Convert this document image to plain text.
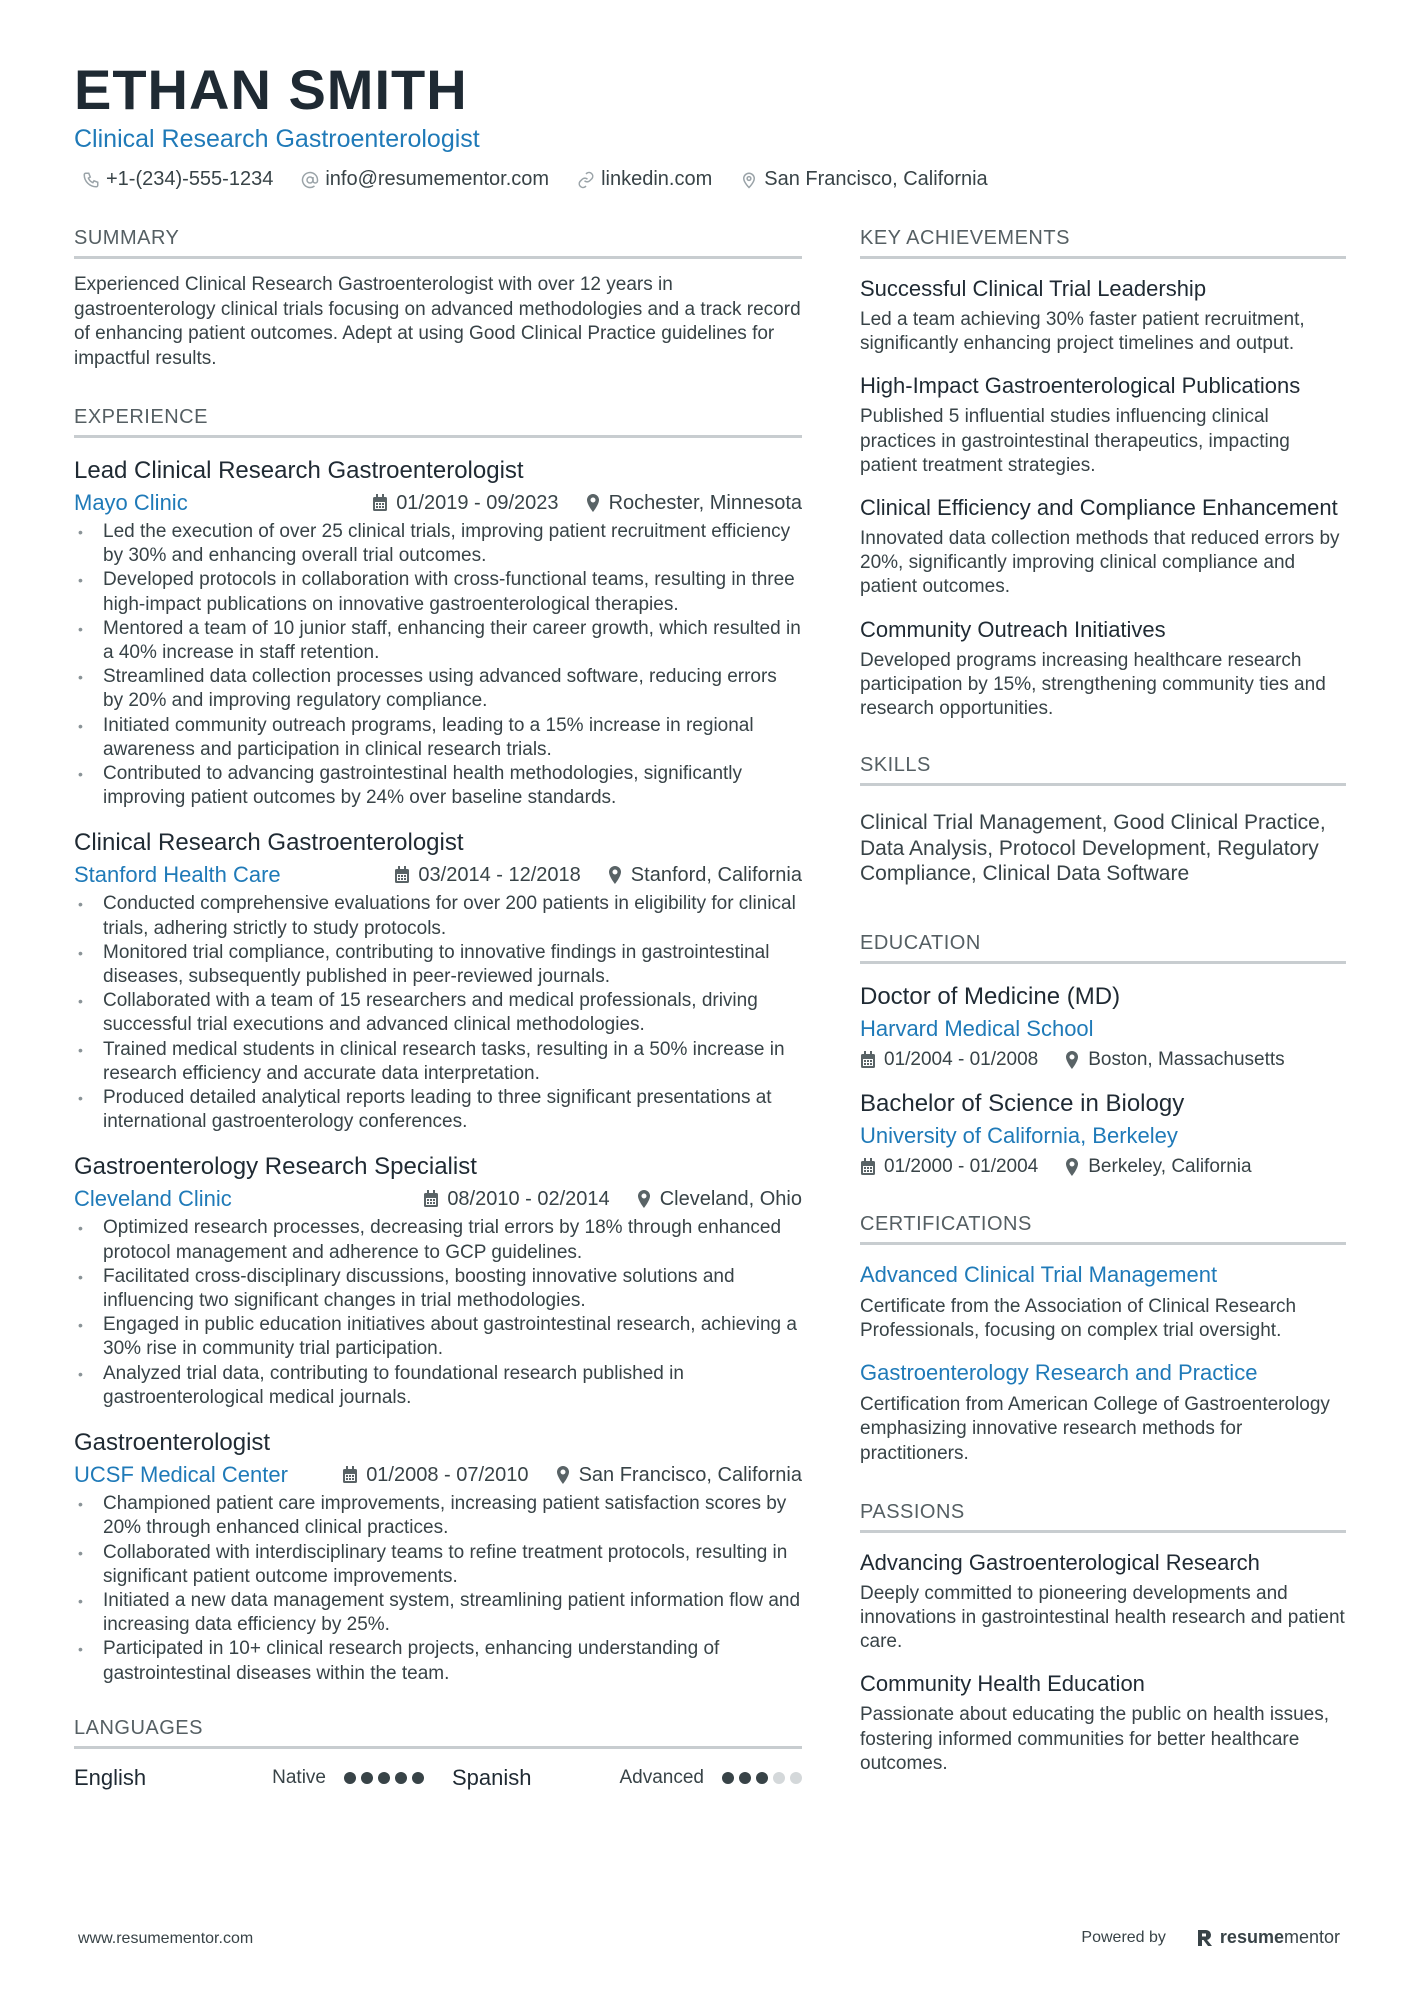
ETHAN SMITH
Clinical Research Gastroenterologist
+1-(234)-555-1234	info@resumementor.com	linkedin.com	San Francisco, California
SUMMARY
Experienced Clinical Research Gastroenterologist with over 12 years in gastroenterology clinical trials focusing on advanced methodologies and a track record of enhancing patient outcomes. Adept at using Good Clinical Practice guidelines for impactful results.
EXPERIENCE
Lead Clinical Research Gastroenterologist
Mayo Clinic	01/2019 - 09/2023	Rochester, Minnesota
• Led the execution of over 25 clinical trials, improving patient recruitment efficiency by 30% and enhancing overall trial outcomes.
• Developed protocols in collaboration with cross-functional teams, resulting in three high-impact publications on innovative gastroenterological therapies.
• Mentored a team of 10 junior staff, enhancing their career growth, which resulted in a 40% increase in staff retention.
• Streamlined data collection processes using advanced software, reducing errors by 20% and improving regulatory compliance.
• Initiated community outreach programs, leading to a 15% increase in regional awareness and participation in clinical research trials.
• Contributed to advancing gastrointestinal health methodologies, significantly improving patient outcomes by 24% over baseline standards.
Clinical Research Gastroenterologist
Stanford Health Care	03/2014 - 12/2018	Stanford, California
• Conducted comprehensive evaluations for over 200 patients in eligibility for clinical trials, adhering strictly to study protocols.
• Monitored trial compliance, contributing to innovative findings in gastrointestinal diseases, subsequently published in peer-reviewed journals.
• Collaborated with a team of 15 researchers and medical professionals, driving successful trial executions and advanced clinical methodologies.
• Trained medical students in clinical research tasks, resulting in a 50% increase in research efficiency and accurate data interpretation.
• Produced detailed analytical reports leading to three significant presentations at international gastroenterology conferences.
Gastroenterology Research Specialist
Cleveland Clinic	08/2010 - 02/2014	Cleveland, Ohio
• Optimized research processes, decreasing trial errors by 18% through enhanced protocol management and adherence to GCP guidelines.
• Facilitated cross-disciplinary discussions, boosting innovative solutions and influencing two significant changes in trial methodologies.
• Engaged in public education initiatives about gastrointestinal research, achieving a 30% rise in community trial participation.
• Analyzed trial data, contributing to foundational research published in gastroenterological medical journals.
Gastroenterologist
UCSF Medical Center	01/2008 - 07/2010	San Francisco, California
• Championed patient care improvements, increasing patient satisfaction scores by 20% through enhanced clinical practices.
• Collaborated with interdisciplinary teams to refine treatment protocols, resulting in significant patient outcome improvements.
• Initiated a new data management system, streamlining patient information flow and increasing data efficiency by 25%.
• Participated in 10+ clinical research projects, enhancing understanding of gastrointestinal diseases within the team.
LANGUAGES
English	Native	Spanish	Advanced
KEY ACHIEVEMENTS
Successful Clinical Trial Leadership
Led a team achieving 30% faster patient recruitment, significantly enhancing project timelines and output.
High-Impact Gastroenterological Publications
Published 5 influential studies influencing clinical practices in gastrointestinal therapeutics, impacting patient treatment strategies.
Clinical Efficiency and Compliance Enhancement
Innovated data collection methods that reduced errors by 20%, significantly improving clinical compliance and patient outcomes.
Community Outreach Initiatives
Developed programs increasing healthcare research participation by 15%, strengthening community ties and research opportunities.
SKILLS
Clinical Trial Management, Good Clinical Practice, Data Analysis, Protocol Development, Regulatory Compliance, Clinical Data Software
EDUCATION
Doctor of Medicine (MD)
Harvard Medical School
01/2004 - 01/2008	Boston, Massachusetts
Bachelor of Science in Biology
University of California, Berkeley
01/2000 - 01/2004	Berkeley, California
CERTIFICATIONS
Advanced Clinical Trial Management
Certificate from the Association of Clinical Research Professionals, focusing on complex trial oversight.
Gastroenterology Research and Practice
Certification from American College of Gastroenterology emphasizing innovative research methods for practitioners.
PASSIONS
Advancing Gastroenterological Research
Deeply committed to pioneering developments and innovations in gastrointestinal health research and patient care.
Community Health Education
Passionate about educating the public on health issues, fostering informed communities for better healthcare outcomes.
www.resumementor.com	Powered by	resume mentor
